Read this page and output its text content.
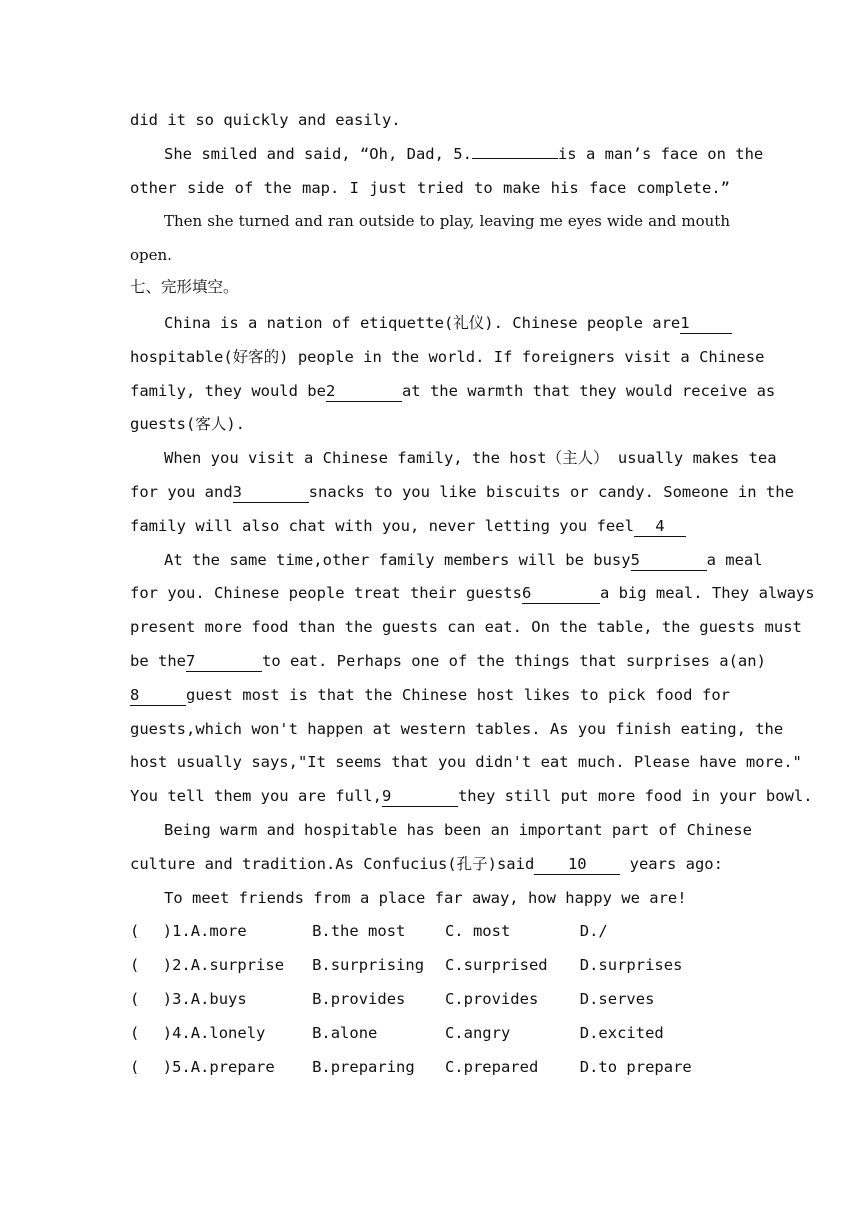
did it so quickly and easily.
She smiled and said, “Oh, Dad, 5.	is a man’s face on the
other side of the map. I just tried to make his face complete.”
Then she turned and ran outside to play, leaving me eyes wide and mouth
open.
七、完形填空。
China is a nation of etiquette(礼仪). Chinese people are1
hospitable(好客的) people in the world. If foreigners visit a Chinese
family, they would be2	at the warmth that they would receive as
guests(客人).
When you visit a Chinese family, the host（主人） usually makes tea
for you and3	snacks to you like biscuits or candy. Someone in the
family will also chat with you, never letting you feel 4
At the same time,other family members will be busy5	a meal
for you. Chinese people treat their guests6	a big meal. They always
present more food than the guests can eat. On the table, the guests must
be the7	to eat. Perhaps one of the things that surprises a(an)
8	guest most is that the Chinese host likes to pick food for
guests,which won't happen at western tables. As you finish eating, the
host usually says,"It seems that you didn't eat much. Please have more."
You tell them you are full,9	they still put more food in your bowl.
Being warm and hospitable has been an important part of Chinese
culture and tradition.As Confucius(孔子)said 10	years ago:
To meet friends from a place far away, how happy we are!
(	)1. A.more	B.the most	C. most	D./
(	)2. A.surprise	B.surprising	C.surprised	D.surprises
(	)3. A.buys	B.provides	C.provides	D.serves
(	)4. A.lonely	B.alone	C.angry	D.excited
(	)5. A.prepare	B.preparing	C.prepared	D.to prepare
